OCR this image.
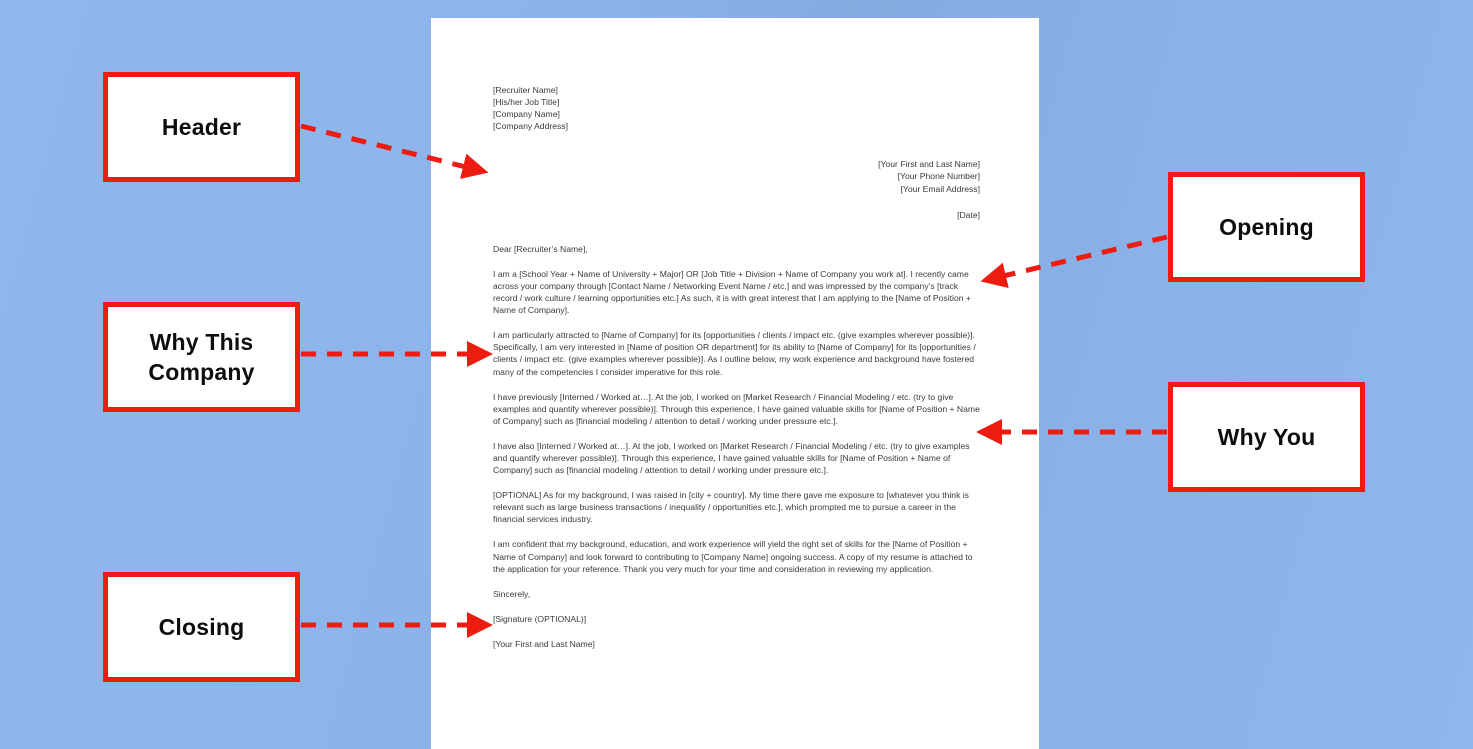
[Recruiter Name]
[His/her Job Title]
[Company Name]
[Company Address]
[Your First and Last Name]
[Your Phone Number]
[Your Email Address]
[Date]
Dear [Recruiter’s Name],

I am a [School Year + Name of University + Major] OR [Job Title + Division + Name of Company you work at]. I recently came across your company through [Contact Name / Networking Event Name / etc.] and was impressed by the company’s [track record / work culture / learning opportunities etc.] As such, it is with great interest that I am applying to the [Name of Position + Name of Company].

I am particularly attracted to [Name of Company] for its [opportunities / clients / impact etc. (give examples wherever possible)]. Specifically, I am very interested in [Name of position OR department] for its ability to [Name of Company] for its [opportunities / clients / impact etc. (give examples wherever possible)]. As I outline below, my work experience and background have fostered many of the competencies I consider imperative for this role.

I have previously [Interned / Worked at…]. At the job, I worked on [Market Research / Financial Modeling / etc. (try to give examples and quantify wherever possible)]. Through this experience, I have gained valuable skills for [Name of Position + Name of Company] such as [financial modeling / attention to detail / working under pressure etc.].

I have also [Interned / Worked at…]. At the job, I worked on [Market Research / Financial Modeling / etc. (try to give examples and quantify wherever possible)]. Through this experience, I have gained valuable skills for [Name of Position + Name of Company] such as [financial modeling / attention to detail / working under pressure etc.].

[OPTIONAL] As for my background, I was raised in [city + country]. My time there gave me exposure to [whatever you think is relevant such as large business transactions / inequality / opportunities etc.], which prompted me to pursue a career in the financial services industry.

I am confident that my background, education, and work experience will yield the right set of skills for the [Name of Position + Name of Company] and look forward to contributing to [Company Name] ongoing success. A copy of my resume is attached to the application for your reference. Thank you very much for your time and consideration in reviewing my application.

Sincerely,
[Signature (OPTIONAL)]
[Your First and Last Name]
Header
Why This Company
Closing
Opening
Why You
